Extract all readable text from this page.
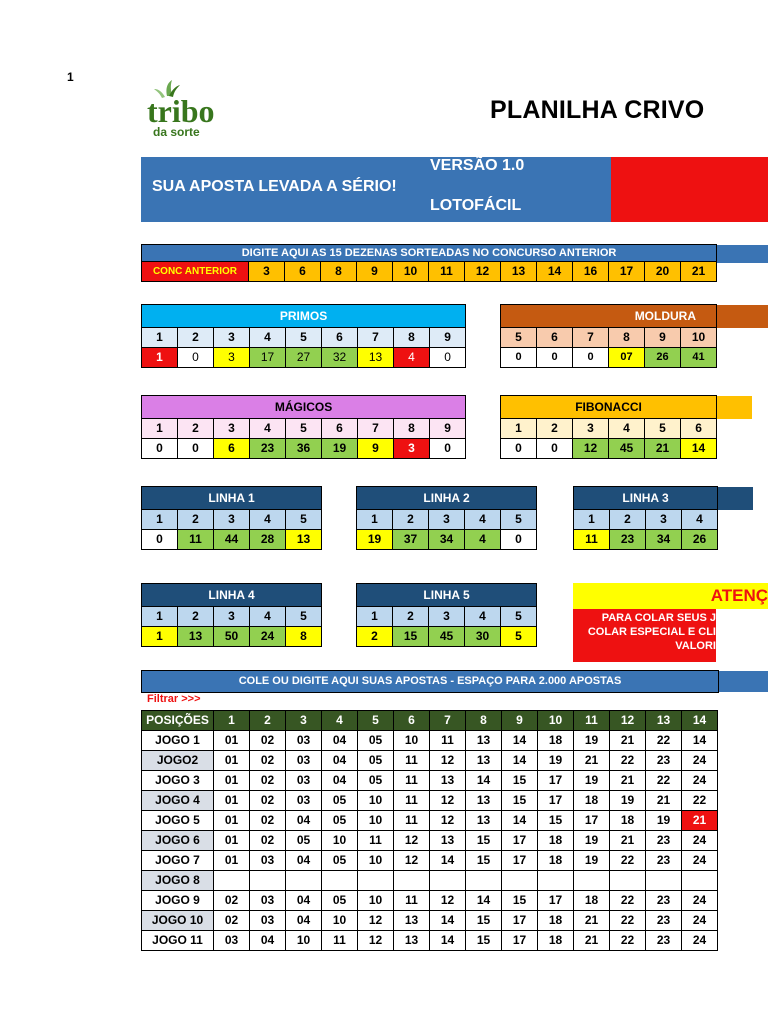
1
tribo
da sorte
PLANILHA CRIVO
SUA APOSTA LEVADA A SÉRIO!
VERSÃO 1.0
LOTOFÁCIL
DIGITE AQUI AS 15 DEZENAS SORTEADAS NO CONCURSO ANTERIOR
CONC ANTERIOR	3	6	8	9	10	11	12	13	14	16	17	20	21
PRIMOS								
1	2	3	4	5	6	7	8	9
1	0	3	17	27	32	13	4	0
MOLDURA					
5	6	7	8	9	10
0	0	0	07	26	41
MÁGICOS								
1	2	3	4	5	6	7	8	9
0	0	6	23	36	19	9	3	0
FIBONACCI					
1	2	3	4	5	6
0	0	12	45	21	14
LINHA 1				
1	2	3	4	5
0	11	44	28	13
LINHA 2				
1	2	3	4	5
19	37	34	4	0
LINHA 3			
1	2	3	4
11	23	34	26
LINHA 4				
1	2	3	4	5
1	13	50	24	8
LINHA 5				
1	2	3	4	5
2	15	45	30	5
ATENÇ
PARA COLAR SEUS J
COLAR ESPECIAL E CLI
VALORI
COLE OU DIGITE AQUI SUAS APOSTAS - ESPAÇO PARA 2.000 APOSTAS
Filtrar >>>
POSIÇÕES	1	2	3	4	5	6	7	8	9	10	11	12	13	14
JOGO 1	01	02	03	04	05	10	11	13	14	18	19	21	22	14
JOGO2	01	02	03	04	05	11	12	13	14	19	21	22	23	24
JOGO 3	01	02	03	04	05	11	13	14	15	17	19	21	22	24
JOGO 4	01	02	03	05	10	11	12	13	15	17	18	19	21	22
JOGO 5	01	02	04	05	10	11	12	13	14	15	17	18	19	21
JOGO 6	01	02	05	10	11	12	13	15	17	18	19	21	23	24
JOGO 7	01	03	04	05	10	12	14	15	17	18	19	22	23	24
JOGO 8														
JOGO 9	02	03	04	05	10	11	12	14	15	17	18	22	23	24
JOGO 10	02	03	04	10	12	13	14	15	17	18	21	22	23	24
JOGO 11	03	04	10	11	12	13	14	15	17	18	21	22	23	24
